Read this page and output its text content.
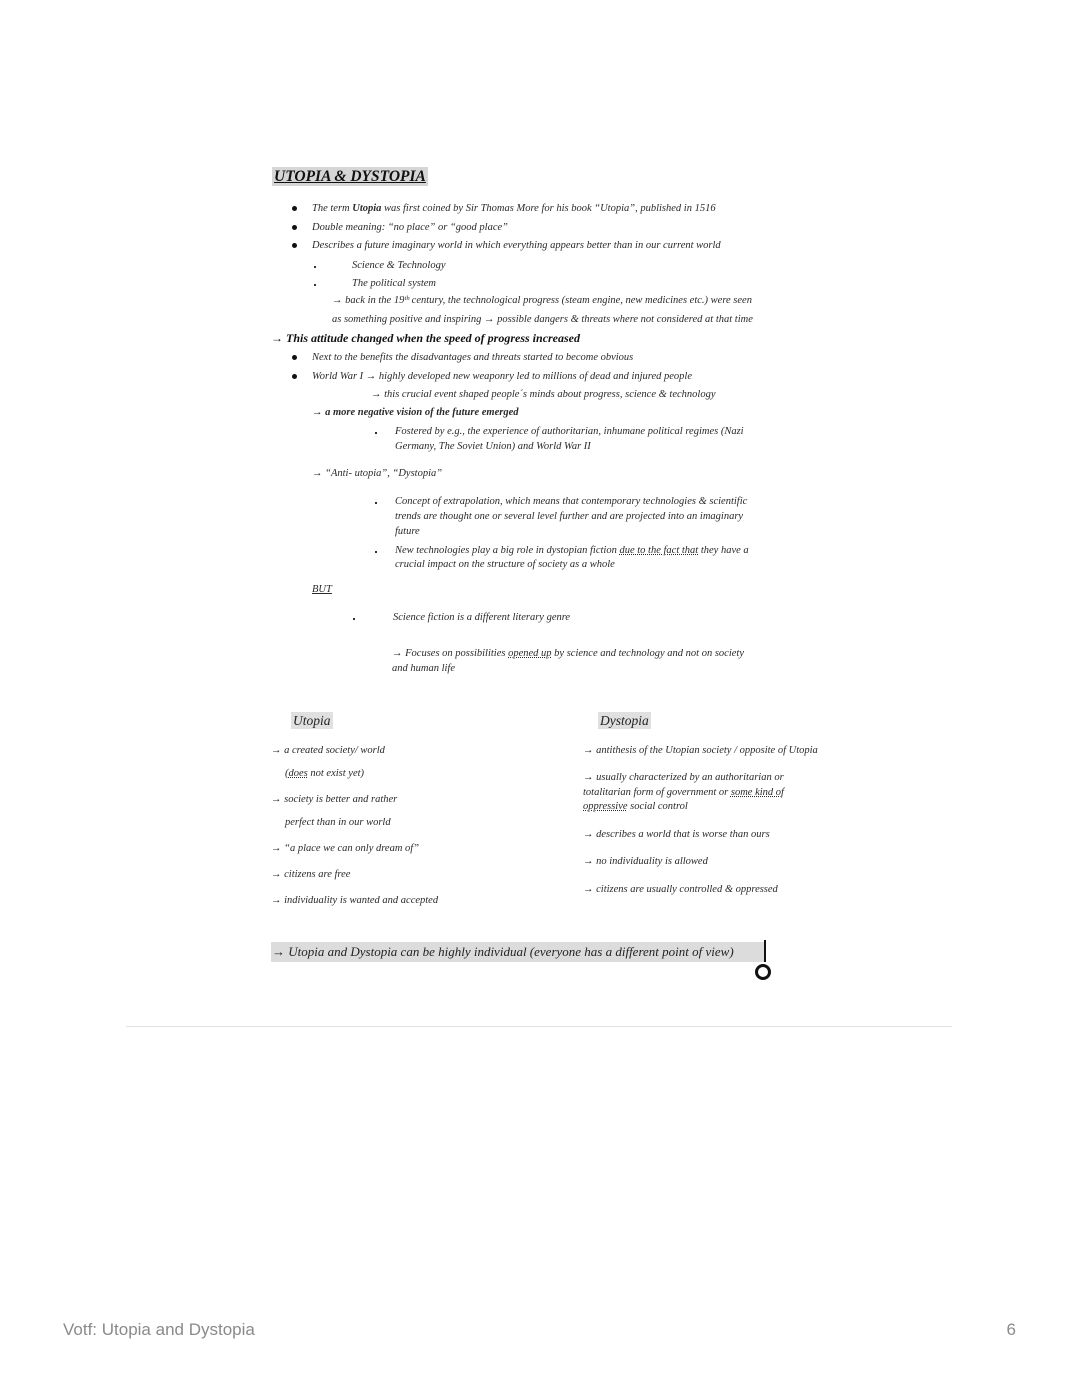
UTOPIA & DYSTOPIA
The term Utopia was first coined by Sir Thomas More for his book “Utopia”, published in 1516
Double meaning: “no place” or “good place”
Describes a future imaginary world in which everything appears better than in our current world
Science & Technology
The political system
→ back in the 19ᵗʰ century, the technological progress (steam engine, new medicines etc.) were seen
as something positive and inspiring → possible dangers & threats where not considered at that time
→ This attitude changed when the speed of progress increased
Next to the benefits the disadvantages and threats started to become obvious
World War I → highly developed new weaponry led to millions of dead and injured people
→ this crucial event shaped people´s minds about progress, science & technology
→ a more negative vision of the future emerged
Fostered by e.g., the experience of authoritarian, inhumane political regimes (Nazi
Germany, The Soviet Union) and World War II
→ “Anti- utopia”, “Dystopia”
Concept of extrapolation, which means that contemporary technologies & scientific
trends are thought one or several level further and are projected into an imaginary
future
New technologies play a big role in dystopian fiction due to the fact that they have a
crucial impact on the structure of society as a whole
BUT
Science fiction is a different literary genre
→ Focuses on possibilities opened up by science and technology and not on society
and human life
Utopia
→ a created society/ world
(does not exist yet)
→ society is better and rather
perfect than in our world
→ “a place we can only dream of”
→ citizens are free
→ individuality is wanted and accepted
Dystopia
→ antithesis of the Utopian society / opposite of Utopia
→ usually characterized by an authoritarian or
totalitarian form of government or some kind of
oppressive social control
→ describes a world that is worse than ours
→ no individuality is allowed
→ citizens are usually controlled & oppressed
→ Utopia and Dystopia can be highly individual (everyone has a different point of view)
Votf: Utopia and Dystopia	6
